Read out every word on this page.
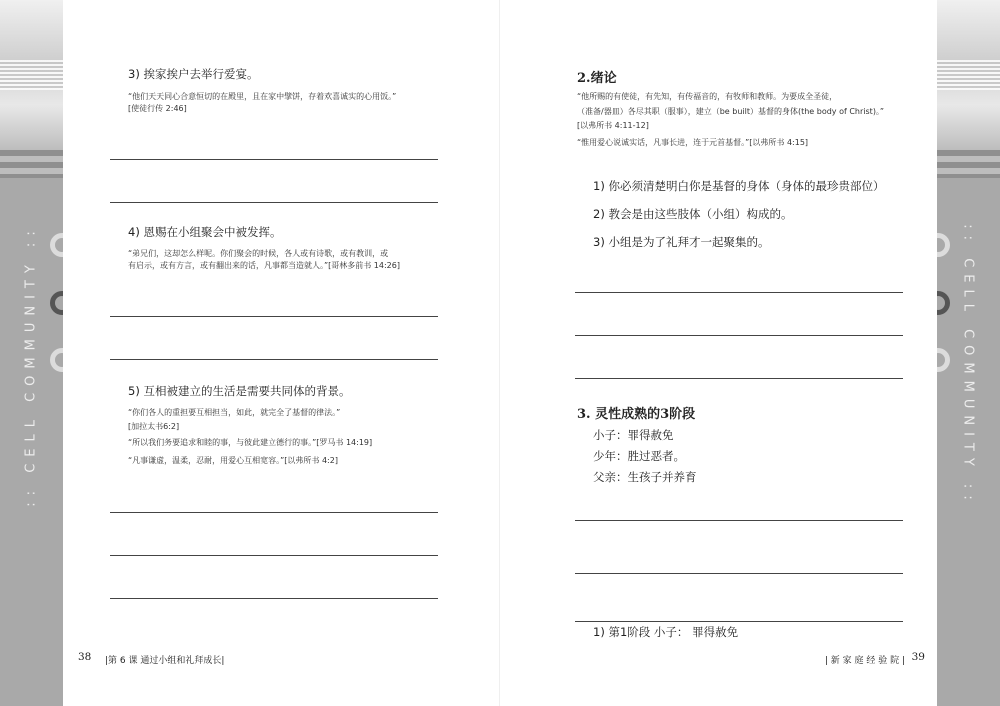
:: CELL COMMUNITY ::	:: CELL COMMUNITY ::
3) 挨家挨户去举行爱宴。
“他们天天同心合意恒切的在殿里，且在家中擘饼，存着欢喜诚实的心用饭。”
[使徒行传 2:46]
4) 恩赐在小组聚会中被发挥。
“弟兄们，这却怎么样呢。你们聚会的时候，各人或有诗歌，或有教训，或
有启示，或有方言，或有翻出来的话，凡事都当造就人。”[哥林多前书 14:26]
5) 互相被建立的生活是需要共同体的背景。
“你们各人的重担要互相担当，如此，就完全了基督的律法。”
[加拉太书6:2]
“所以我们务要追求和睦的事，与彼此建立德行的事。”[罗马书 14:19]
“凡事谦虚，温柔，忍耐，用爱心互相宽容。”[以弗所书 4:2]
38 |第 6 课 通过小组和礼拜成长|
2.绪论
“他所赐的有使徒，有先知，有传福音的，有牧师和教师。为要成全圣徒，
（准备/器皿）各尽其职（服事），建立（be built）基督的身体(the body of Christ)。”
[以弗所书 4:11-12]
“惟用爱心说诚实话，凡事长进，连于元首基督。”[以弗所书 4:15]
1) 你必须清楚明白你是基督的身体（身体的最珍贵部位）
2) 教会是由这些肢体（小组）构成的。
3) 小组是为了礼拜才一起聚集的。
3. 灵性成熟的3阶段
小子：罪得赦免
少年：胜过恶者。
父亲：生孩子并养育
1) 第1阶段 小子： 罪得赦免
| 新 家 庭 经 验 院 | 39
